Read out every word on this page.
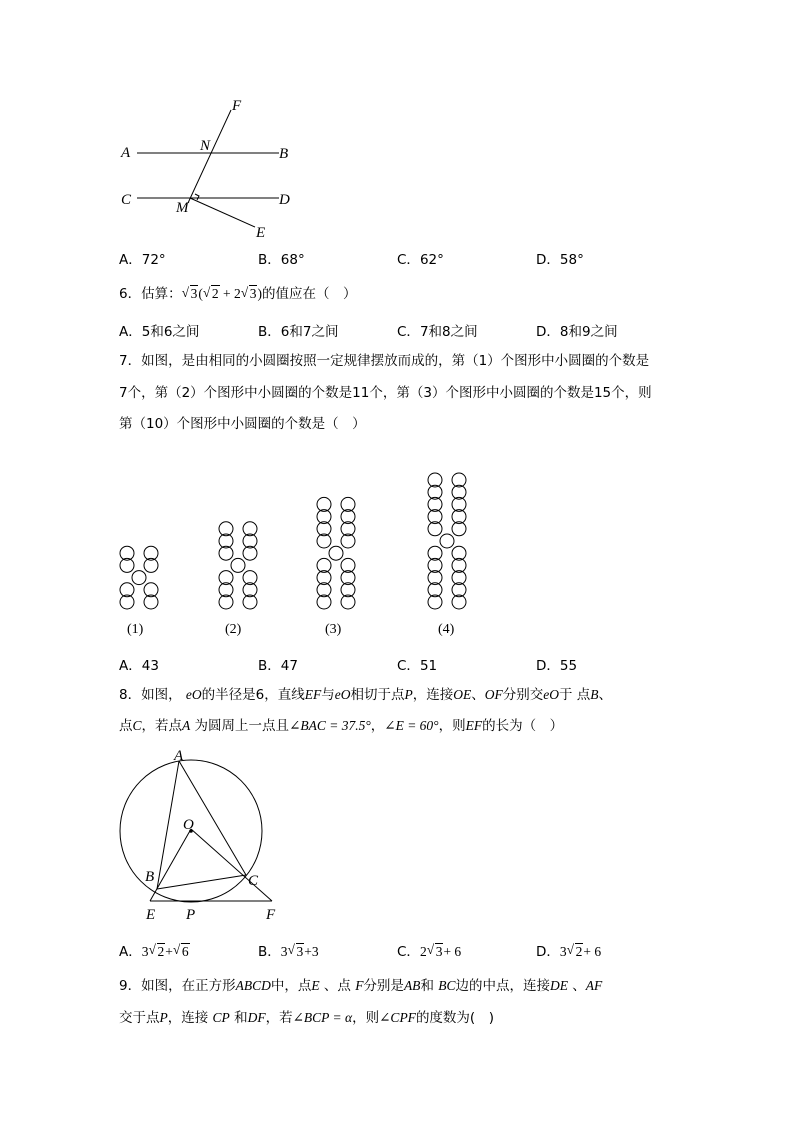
A	B
C	D
F
N
M
E
A．72°	B．68°	C．62°	D．58°
6．估算： √ 3( √ 2 + 2 √ 3)的值应在（　）
A．5和6之间	B．6和7之间	C．7和8之间	D．8和9之间
7．如图，是由相同的小圆圈按照一定规律摆放而成的，第（1）个图形中小圆圈的个数是
7个，第（2）个图形中小圆圈的个数是11个，第（3）个图形中小圆圈的个数是15个，则
第（10）个图形中小圆圈的个数是（　）
(1)	(2)	(3)	(4)
A．43	B．47	C．51	D．55
8．如图， eO的半径是6，直线EF与eO相切于点P，连接OE、OF分别交eO于 点B、
点C，若点A 为圆周上一点且∠BAC = 37.5°，∠E = 60°，则EF的长为（　）
A
O
B	C
E P	F
A．3 √ 2+√ 6	B．3 √ 3+3	C．2 √ 3+ 6	D．3 √ 2+ 6
9．如图，在正方形ABCD中，点E 、点 F分别是AB和 BC边的中点，连接DE 、AF
交于点P，连接 CP 和DF，若∠BCP = α，则∠CPF的度数为(　)
